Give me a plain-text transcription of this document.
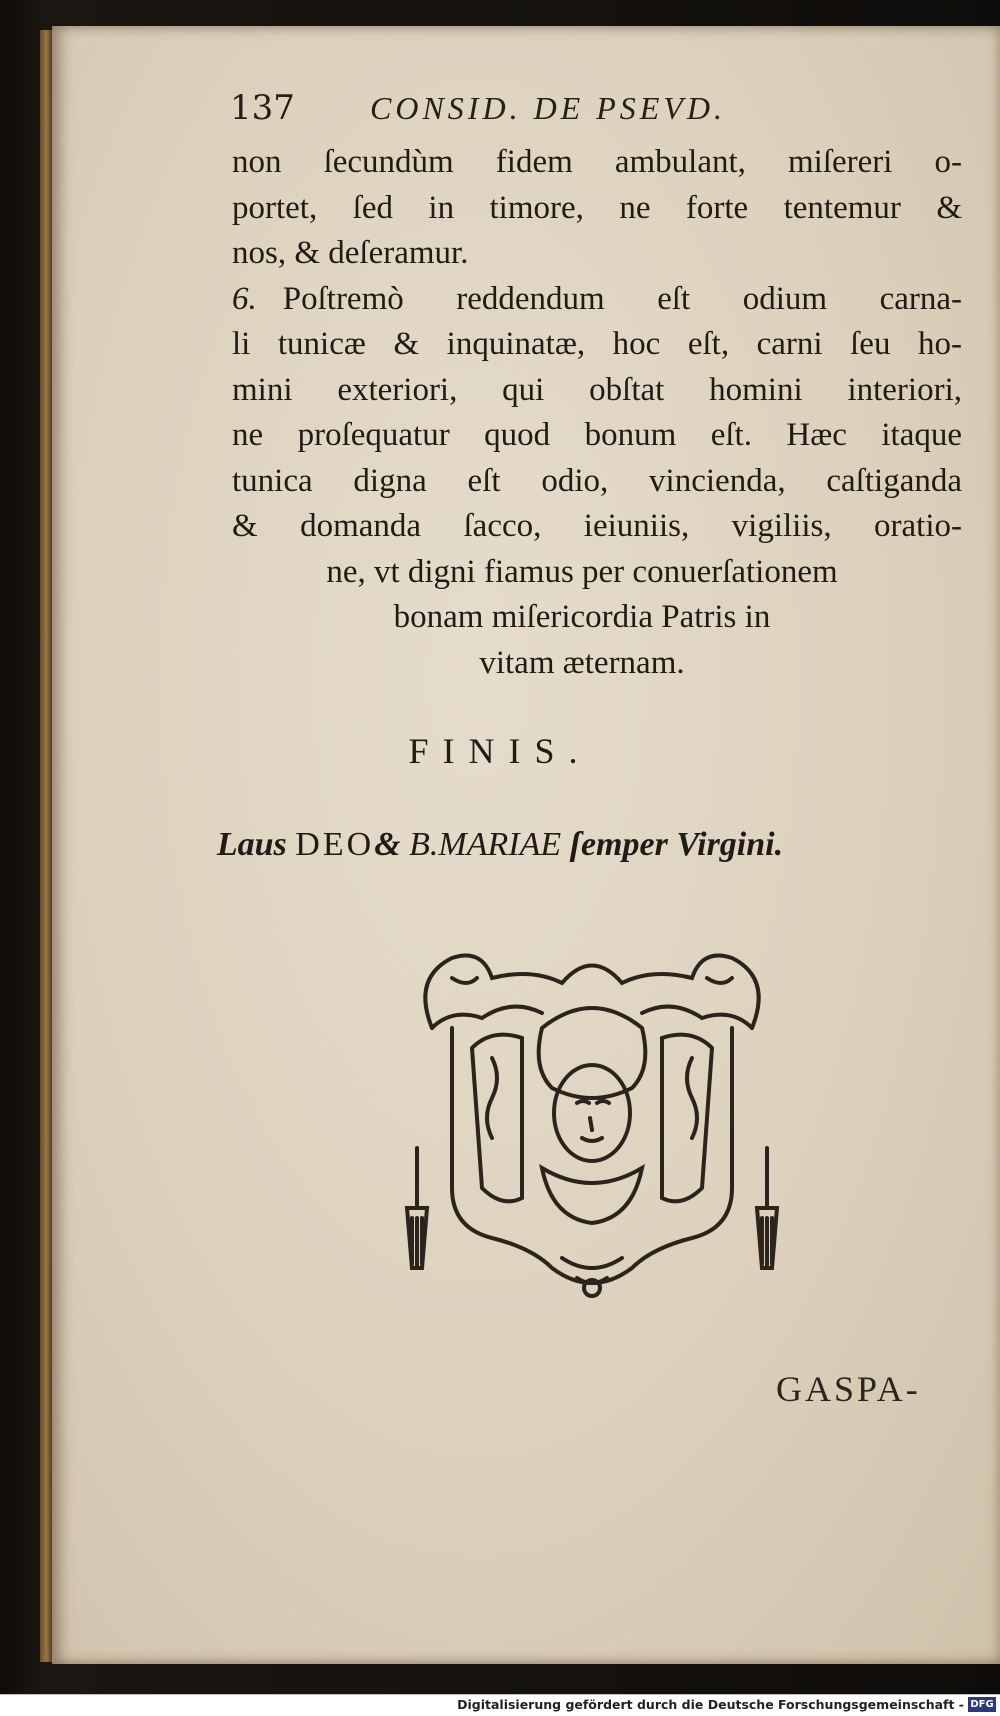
137 CONSID. DE PSEVD.
non ſecundùm fidem ambulant, miſereri o-
portet, ſed in timore, ne forte tentemur &
nos, & deſeramur.
6. Poſtremò reddendum eſt odium carna-
li tunicæ & inquinatæ, hoc eſt, carni ſeu ho-
mini exteriori, qui obſtat homini interiori,
ne proſequatur quod bonum eſt. Hæc itaque
tunica digna eſt odio, vincienda, caſtiganda
& domanda ſacco, ieiuniis, vigiliis, oratio-
ne, vt digni fiamus per conuerſationem
bonam miſericordia Patris in
vitam æternam.
FINIS.
Laus DEO& B.MARIAE ſemper Virgini.
GASPA-
Digitalisierung gefördert durch die Deutsche Forschungsgemeinschaft - DFG
